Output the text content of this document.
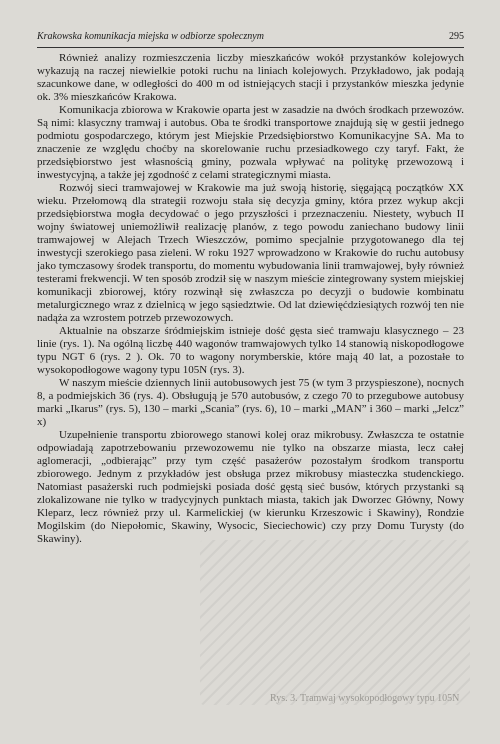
Krakowska komunikacja miejska w odbiorze społecznym	295
Rys. 3. Tramwaj wysokopodłogowy typu 105N

Również analizy rozmieszczenia liczby mieszkańców wokół przystanków kolejowych wykazują na raczej niewielkie potoki ruchu na liniach kolejowych. Przykładowo, jak podają szacunkowe dane, w odległości do 400 m od istniejących stacji i przystanków mieszka jedynie ok. 3% mieszkańców Krakowa.

Komunikacja zbiorowa w Krakowie oparta jest w zasadzie na dwóch środkach przewozów. Są nimi: klasyczny tramwaj i autobus. Oba te środki transportowe znajdują się w gestii jednego podmiotu gospodarczego, którym jest Miejskie Przedsiębiorstwo Komunikacyjne SA. Ma to znaczenie ze względu choćby na skorelowanie ruchu przesiadkowego czy taryf. Fakt, że przedsiębiorstwo jest własnością gminy, pozwala wpływać na politykę przewozową i inwestycyjną, a także jej zgodność z celami strategicznymi miasta.

Rozwój sieci tramwajowej w Krakowie ma już swoją historię, sięgającą początków XX wieku. Przełomową dla strategii rozwoju stała się decyzja gminy, która przez wykup akcji przedsiębiorstwa mogła decydować o jego przyszłości i przeznaczeniu. Niestety, wybuch II wojny światowej uniemożliwił realizację planów, z tego powodu zaniechano budowy linii tramwajowej w Alejach Trzech Wieszczów, pomimo specjalnie przygotowanego dla tej inwestycji szerokiego pasa zieleni. W roku 1927 wprowadzono w Krakowie do ruchu autobusy jako tymczasowy środek transportu, do momentu wybudowania linii tramwajowej, były również testerami frekwencji. W ten sposób zrodził się w naszym mieście zintegrowany system miejskiej komunikacji zbiorowej, który rozwinął się zwłaszcza po decyzji o budowie kombinatu metalurgicznego wraz z dzielnicą w jego sąsiedztwie. Od lat dziewięćdziesiątych rozwój ten nie nadąża za wzrostem potrzeb przewozowych.

Aktualnie na obszarze śródmiejskim istnieje dość gęsta sieć tramwaju klasycznego – 23 linie (rys. 1). Na ogólną liczbę 440 wagonów tramwajowych tylko 14 stanowią niskopodłogowe typu NGT 6 (rys. 2 ). Ok. 70 to wagony norymberskie, które mają 40 lat, a pozostałe to wysokopodłogowe wagony typu 105N (rys. 3).

W naszym mieście dziennych linii autobusowych jest 75 (w tym 3 przyspieszone), nocnych 8, a podmiejskich 36 (rys. 4). Obsługują je 570 autobusów, z czego 70 to przegubowe autobusy marki „Ikarus” (rys. 5), 130 – marki „Scania” (rys. 6), 10 – marki „MAN” i 360 – marki „Jelcz” x)

Uzupełnienie transportu zbiorowego stanowi kolej oraz mikrobusy. Zwłaszcza te ostatnie odpowiadają zapotrzebowaniu przewozowemu nie tylko na obszarze miasta, lecz całej aglomeracji, „odbierając” przy tym część pasażerów pozostałym środkom transportu zbiorowego. Jednym z przykładów jest obsługa przez mikrobusy miasteczka studenckiego. Natomiast pasażerski ruch podmiejski posiada dość gęstą sieć busów, których przystanki są zlokalizowane nie tylko w tradycyjnych punktach miasta, takich jak Dworzec Główny, Nowy Kleparz, lecz również przy ul. Karmelickiej (w kierunku Krzeszowic i Skawiny), Rondzie Mogilskim (do Niepołomic, Skawiny, Wysocic, Sieciechowic) czy przy Domu Turysty (do Skawiny).
